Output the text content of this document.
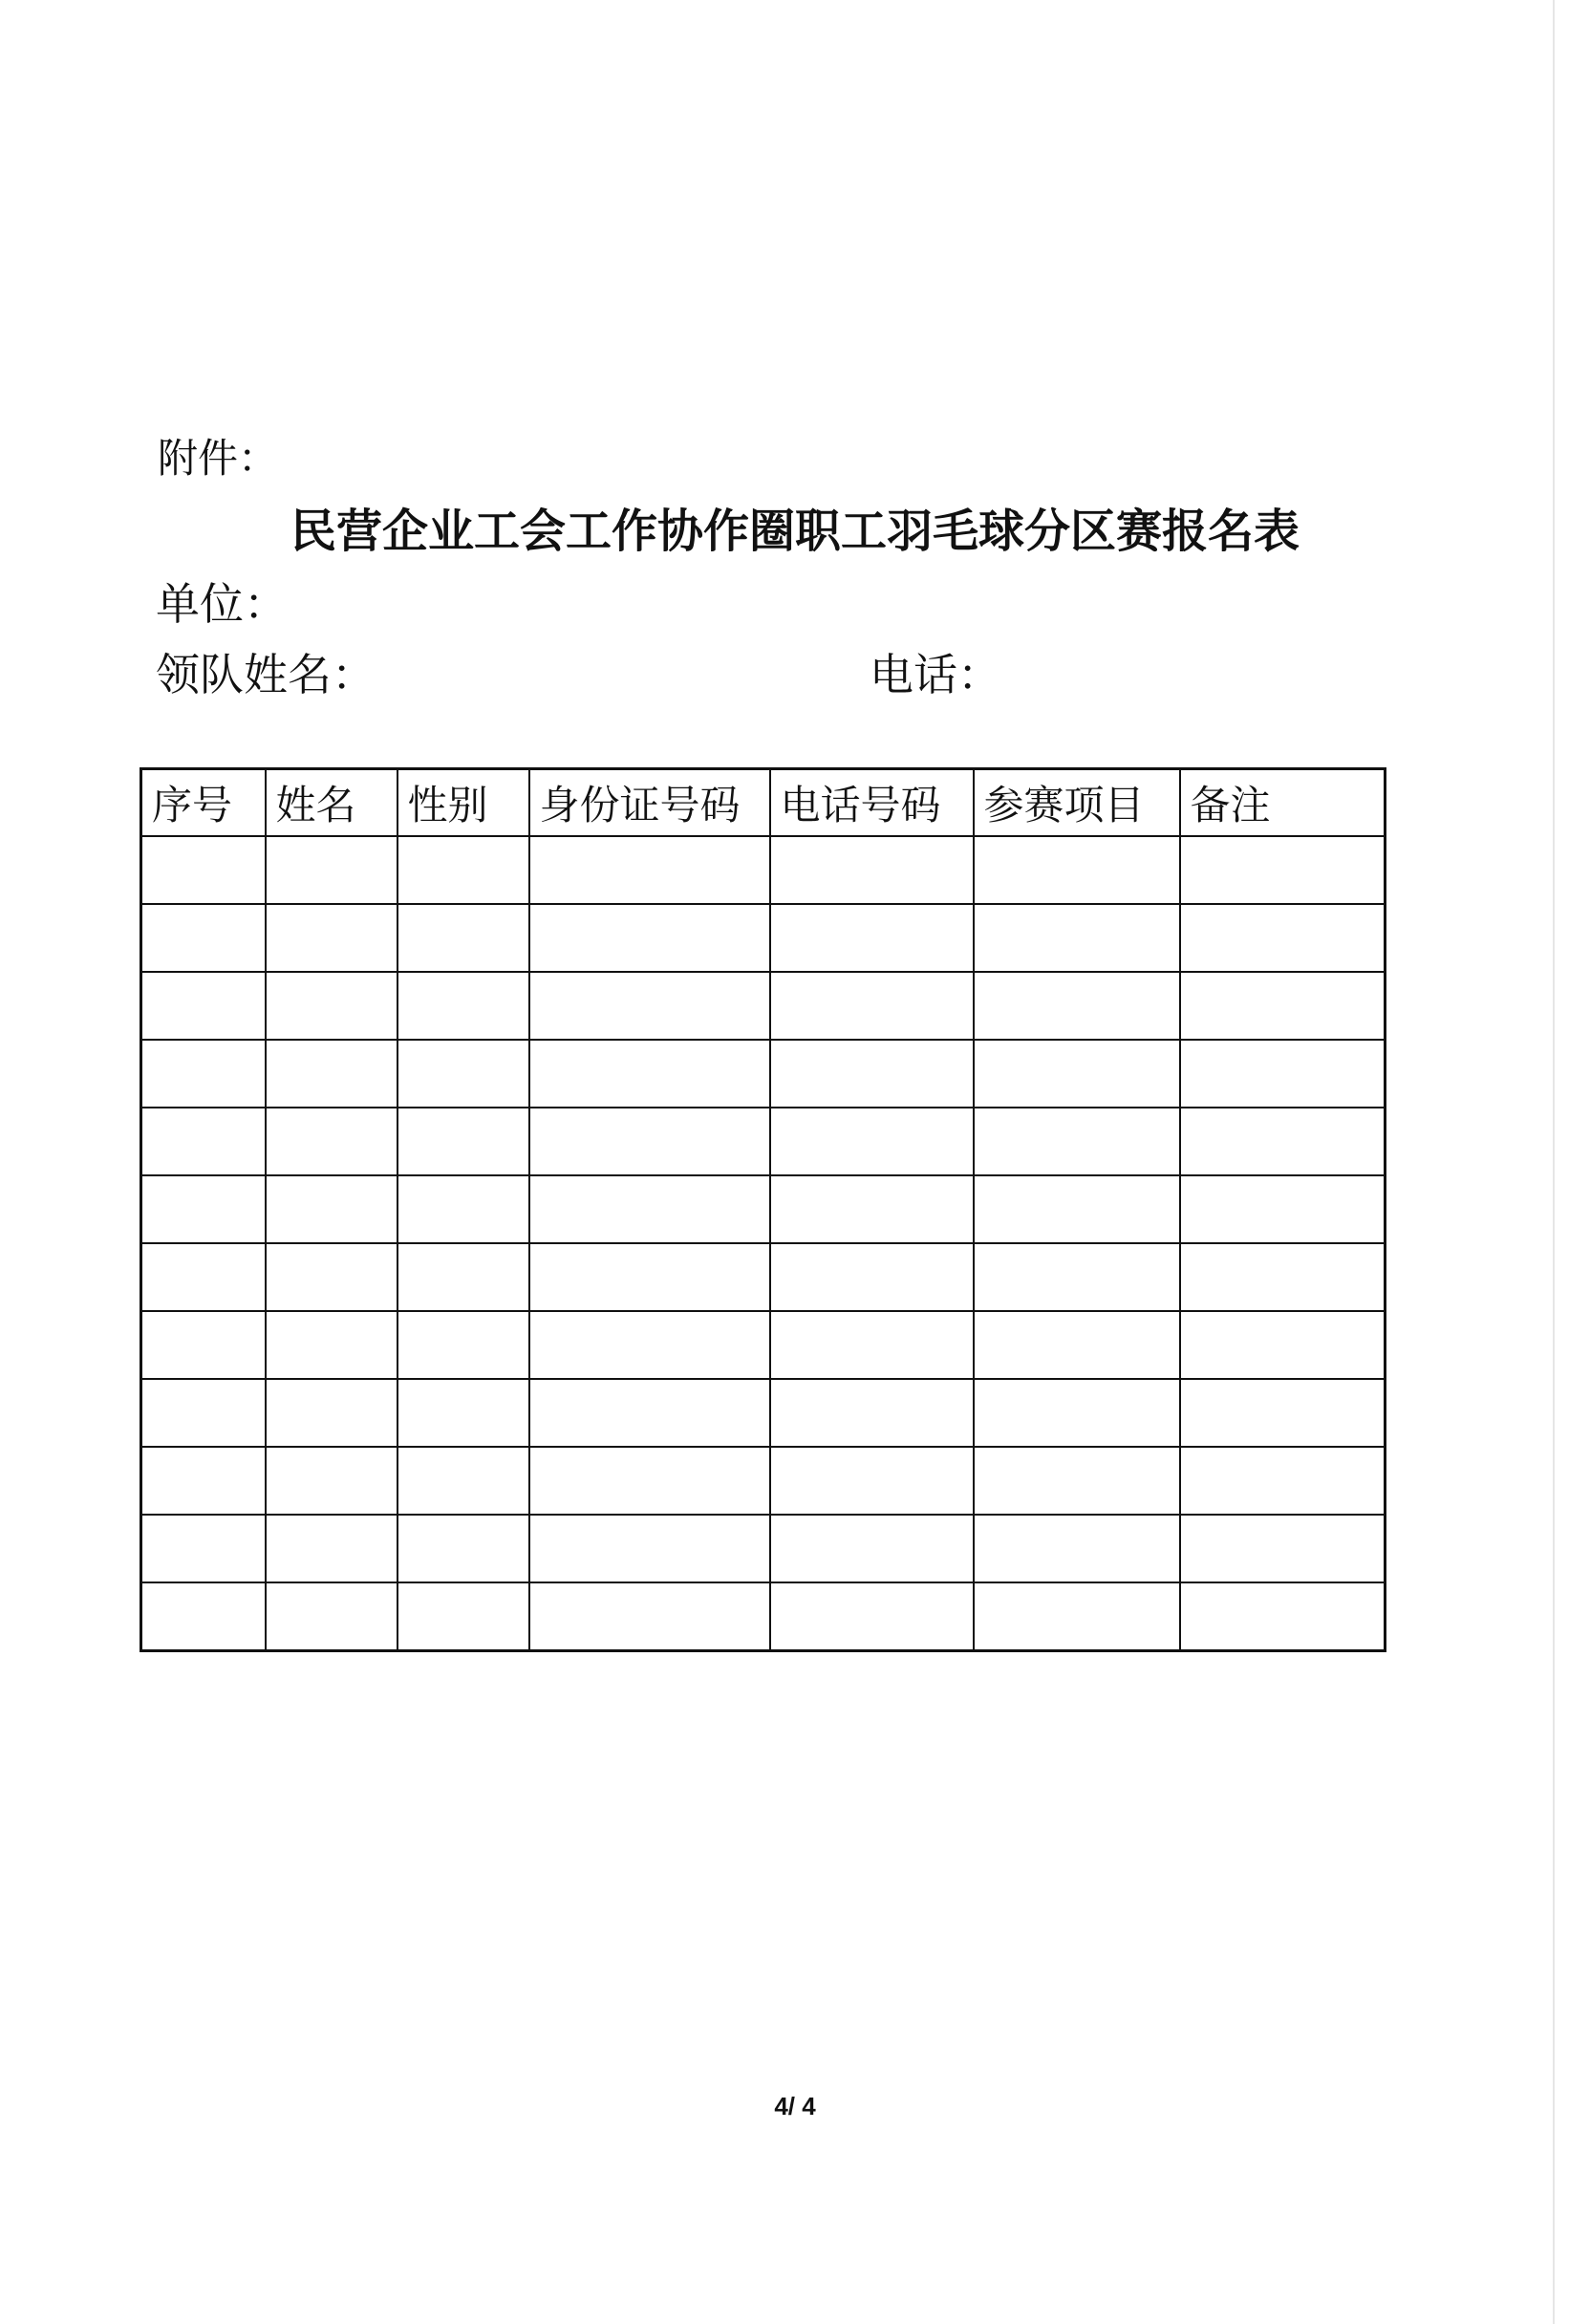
附件：
民营企业工会工作协作圈职工羽毛球分区赛报名表
单位：
领队姓名：	电话：
序号	姓名	性别	身份证号码	电话号码	参赛项目	备注

4/ 4
